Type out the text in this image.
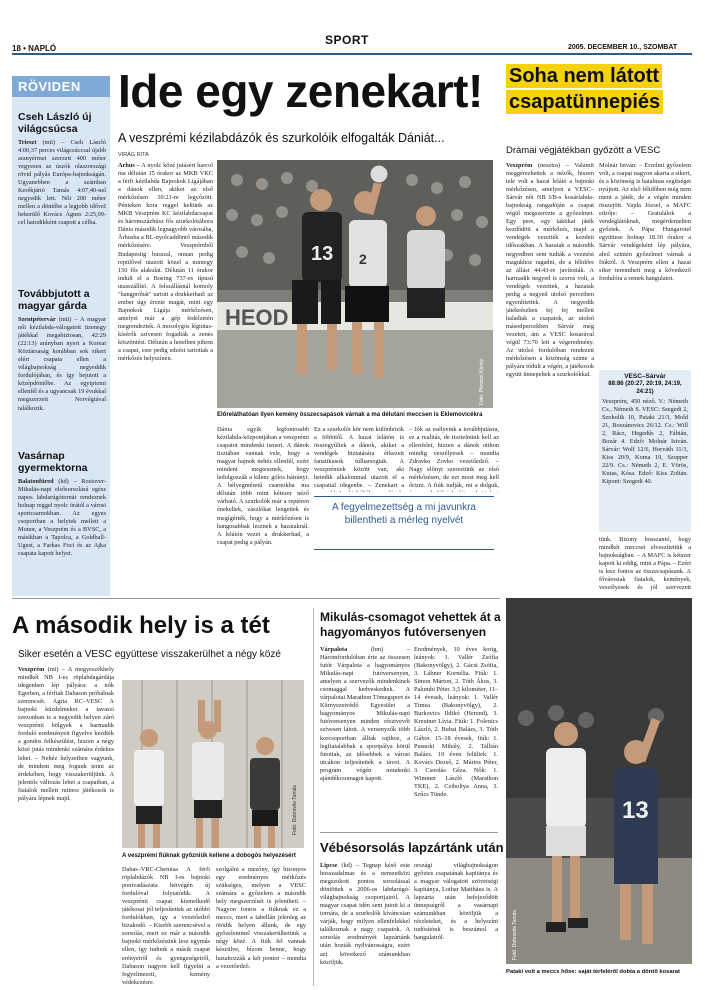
18 • NAPLÓ
SPORT
2005. DECEMBER 10., SZOMBAT
RÖVIDEN
Cseh László új világcsúcsa
Trieszt (mti) – Cseh László 4:00,37 perces világcsúccsal újabb aranyérmet szerzett 400 méter vegyesen az úszók olaszországi rövid pályás Európa-bajnokságán. Ugyanebben a számban Kerékjártó Tamás 4:07,40-nel negyedik lett. Női 200 méter mellen a döntőbe a legjobb időveI bekerülő Kovács Ágnes 2:25,09-cel hatodikként csapott a célba.
Továbbjutott a magyar gárda
Szentpétervár (mti) – A magyar női kézilabda-válogatott tizenegy játékkal megabiztosan, 42:29 (22:13) arányban nyert a Koreai Köztársaság korábban sok sikert elért csapata ellen a világbajnokság negyeddik fordulójában, és így bejutott a középdöntőbe. Az egyiptomi ellenfél és a ugyancsak 19 évukkal megszerzett Norvégiával találkozik.
Vasárnap gyermektorna
Balatonfüred (kd) – Rosiover-Mikulás-napi elsősorsolású egész napos labdarúgótornát rendeznek holnap reggel nyolc órától a városi sportcsarnokban. Az egyes csoportban a helyiek mellett a Monor, a Veszprém és a BVSC, a másikban a Tapolca, a Goldball-Ugest, a Farkas Foci és az Ajka csapata kapott helyet.
Ide egy zenekart!
A veszprémi kézilabdázók és szurkolóik elfogalták Dániát...
VIRÁG RITA
Arhus – A nyolc közé jutásért harcol ma délután 15 órakor az MKB VKC a férfi kézilabda Bajnokok Ligájában a dánok ellen, akiket az első mérkőzésen 30:21-re legyőzött. Pénteken kora reggel keltünk az MKB Veszprém KC kézilabdacsapat és háromszázhúsz fős szurkolótábora Dánia második legnagyobb városába, Århusba a BL-nyolcaddöntő második mérkőzésére. Veszprémből Budapestig busszal, onnan pedig repülővel utazott közel a mintegy 150 fős alakulat. Délután 11 órakor indult el a Boeing 737-es típusú utasszállító. A felszállásnál komoly "hangpróbát" tartott a drukkerhad: az ember úgy érezte magát, mint egy Bajnokok Ligája mérkőzésen, amelyet már a gép fedélzetén megrendeztek. A mosolygós légiutas-kísérők szívesen fogadták a zenés köszöntést. Délután a hotelben pihent a csapat, este pedig edzést tartottak a mérkőzés helyszínén.
HEOD
13 2
Fotó: Pénzesi Károly
Előreláthatóan ilyen kemény összecsapások várnak a ma délutáni meccsen is Eklemovicékra
Dánia egyik legfontosabb kézilabda-központjában a veszprémi csapatot mindenki ismeri. A dánok tisztában vannak vele, hogy a magyar bajnok nehéz ellenfél, ezért mindent megtesznek, hogy ledolgozzák a kilenc gólos hátrányt. A bélyegméretű csarnokba ma délután több mint kétezer néző várható. A szurkolók már a reptéren énekeltek, zászlókat lengettek és megígérték, hogy a mérkőzésen is hangosabbak lesznek a hazaiaknál. A lelátón vezet a drukkerhad, a csapat pedig a pályán.
Ez a szurkolói kör nem különbözik a többitől. A hazai lelátón is összegyűltek a dánok, akiket a vendégek biztatására érkezett fanatikusok túlharsogtak. A veszprémiek között van, aki hetedik alkalommal utazott el a csapattal idegenbe. – Zenekart a
A fegyelmezettség a mi javunkra billentheti a mérleg nyelvét
– Jók az esélyeink a továbbjutásra, ez a realitás, de tisztelnünk kell az ellenfelet, hiszen a dánok otthon mindig veszélyesek – mondta Zdravko Zovko vezetőedző. – Nagy előnyt szereztünk az első mérkőzésen, de ezt most meg kell őrizni. A fiúk tudják, mi a dolguk,
Soha nem látott csapatünnepiés
Drámai végjátékban győzött a VESC
Veszprém (nesztra) – Valamit meggérezhettek a nézők, hiszen tele volt a hazai lelátó a bajnoki mérkőzésen, amelyen a VESC–Sárvár női NB I/B-s kosárlabda-bajnokság rangadóján a csapat végül megszerezte a győzelmet. Egy pere, egy taktikai játék kezdődött a mérkőzés, majd a vendégek vezették a kezdeti időszakban. A hazaiak a második negyedben sem tudták a vezetést magukhoz ragadni, de a félidőre az állást 44:43-re javították. A harmadik negyed is szoros volt, a vendégek vezettek, a hazaiak pedig a negyed utolsó perceiben egyenlítettek. A negyedik játékrészben fej fej mellett haladtak a csapatok, az utolsó másodpercekben Sárvár még vezetett, ám a VESC kosarával végül 73:70 lett a végeredmény. Az utolsó fordulóban rendezett mérkőzésen a közönség szinte a pályára tódult a végén, a játékosok együtt ünnepeltek a szurkolókkal.
Molnár István: – Érzelmi győzelem volt, a csapat nagyon akarta a sikert, és a közönség is hatalmas segítséget nyújtott. Az első félidőben még nem ment a játék, de a végén minden összejött. Vajda József, a MAFC edzője: – Gratulálok a vendéglátóknak, megérdemelten győztek. A Pápa Hungarotel együttese holnap 18.30 órakor a Sárvár vendégeként lép pályára, ahol szintén győzelmet várnak a fiúktól. A Veszprém ellen a hazai siker teremtheti meg a következő fordulóra a remek hangulatot.
VESC–Sárvár
88:86 (20:27, 20:19, 24:19, 24:21)
Veszprém, 450 néző. V.: Németh Cs., Németh S. VESC: Szegedi 2, Szokolik 10, Pataki 21/3, Mold 21, Boszánovics 26/12. Cs.: Will 2, Rácz, Hegedűs 2, Fábián, Bozár 4. Edző: Molnár István. Sárvár: Wolf 12/6, Horváth 11/3, Kiss 20/9, Koma 19, Szopper 22/9. Cs.: Németh 2, E. Vörös, Kutas, Kósa. Edző: Kiss Zoltán. Kipont: Szegedi 40.
tünk. Bizony bosszantó, hogy mindkét meccset elveszítettük a bajnokságban. – A MAFC is kétszer kapott ki eddig, mint a Pápa. – Ezért is lesz fontos az összecsapásunk. A fővárosiak fiatalok, kemények, veszélyesek és jól szervezett
A második hely is a tét
Siker esetén a VESC együttese visszakerülhet a négy közé
Veszprém (mi) – A megyeszékhely mindkét NB I-es röplabdagárdája idegenben lép pályára: a nők Egerben, a férfiak Dabason próbálnak szerencsét. Agria RC–VESC A bajnoki küzdelmeket a tavaszi szezonban is a negyedik helyen záró veszprémi hölgyek a harmadik forduló eredményeit figyelve kezdték a gondos felkészülést, hiszen a négy közé jutás mindenki számára érdekes lehet. – Nehéz helyzetben vagyunk, de mindent meg fogunk tenni az érdekében, hogy visszakerüljünk. A jelentős változás lehet a csapatban, a fiatalok mellett rutinos játékosok is pályára lépnek majd.	Fotó: Dobrovits Tamás
A veszprémi fiúknak győzniük kellene a dobogós helyezésért
Dabas–VRC-Chemisa A férfi röplabdázók NB I-es bajnoki pontvadászata hétvégén új fordulóval folytatódik. A veszprémi csapat kiemelkedő játékosai jól teljesítettek az utóbbi fordulókban, így a vezetőedző bizakodó. – Kisebb szerencsével a sorsolás, mert ez már a második bajnoki mérkőzésünk lesz egymás ellen, így tudunk a másik csapat erényeiről és gyengeségeiről, Dabason nagyon kell figyelni a fegyelmezett, kemény védekezésre.
szolgálni a mezőny, így bizonyos egy eredményes mérkőzés szükséges, melyen a VESC számára a győzelem a második hely megszerzését is jelentheti. – Nagyon fontos a fiúknak ez a meccs, mert a tabellán jelenleg az ötödik helyen állunk, de egy győzelemmel visszakerülhetünk a négy közé. A fiúk fel vannak készülve, bízom benne, hogy hazahozzák a két pontot – mondta a vezetőedző.
Mikulás-csomagot vehettek át a hagyományos futóversenyen
Várpalota	(hm) – Háromfordulóban érte az összesen futót Várpalota a hagyományos Mikulás-napi futóversenyen, amelyen a szervezők mindenkinek csomaggal kedveskedtek. A várpalotai Marathon Tömegsport és Környezetvédő Egyesület a hagyományos Mikulás-napi futóversenyen minden résztvevőt szívesen látott. A versenyzők több korcsoportban álltak rajthoz, a legfiatalabbak a sportpálya körül futottak, az idősebbek a városi utcákon teljesítették a távot. A program végén mindenki ajándékcsomagot kapott.
Eredmények, 10 éves korig, leányok: 1. Vallér Zsófia (Bakonyvölgy), 2. Gácsi Zsófia, 3. Lábner Kornélia. Fiúk: 1. Simon Márton, 2. Tóth Ákos, 3. Palumbi Péter. 3,5 kilométer, 11–14 évesek, leányok: 1. Vallér Tímea (Bakonyvölgy), 2. Burkovics Ildikó (Herend), 3. Kreutner Lívia. Fiúk: 1. Folenics László, 2. Bubai Balázs, 3. Tóth Gábor. 15–18 évesek, fiúk: 1. Pusnoki Mihály, 2. Tallián Balázs. 19 éven felüliek: 1. Kovács Dezső, 2. Mártos Péter, 3. Csordás Géza. Nők: 1. Wimmer László (Marathon TKE), 2. Cziboltya Anna, 3. Szűcs Tünde.
Vébésorsolás lapzártánk után
Lipcse (kd) – Tegnap késő este hosszadalmas és a nemzetközi megszokott pontos sorsolással döntöttek a 2006-os labdarúgó-világbajnokság csoportjairól. A magyar csapat idén sem jutott ki a tornára, de a szurkolók kíváncsian várják, hogy milyen ellenfelekkel találkoznak a nagy csapatok. A sorsolás eredményét lapzártánk után hozták nyilvánosságra, ezért azt következő számunkban közöljük.
országi világbajnokságon győztes csapatának kapitánya és a magyar válogatott szövetségi kapitánya, Lothar Matthäus is. A lapzárta után befejeződött ünnepségről a vasárnapi számunkban közöljük a részleteket, és a helyszíni tudósítónk is beszámol a hangulatról.
13
Fotó: Dobrovits Tamás
Pataki volt a meccs hőse: saját térfeléről dobta a döntő kosarat
